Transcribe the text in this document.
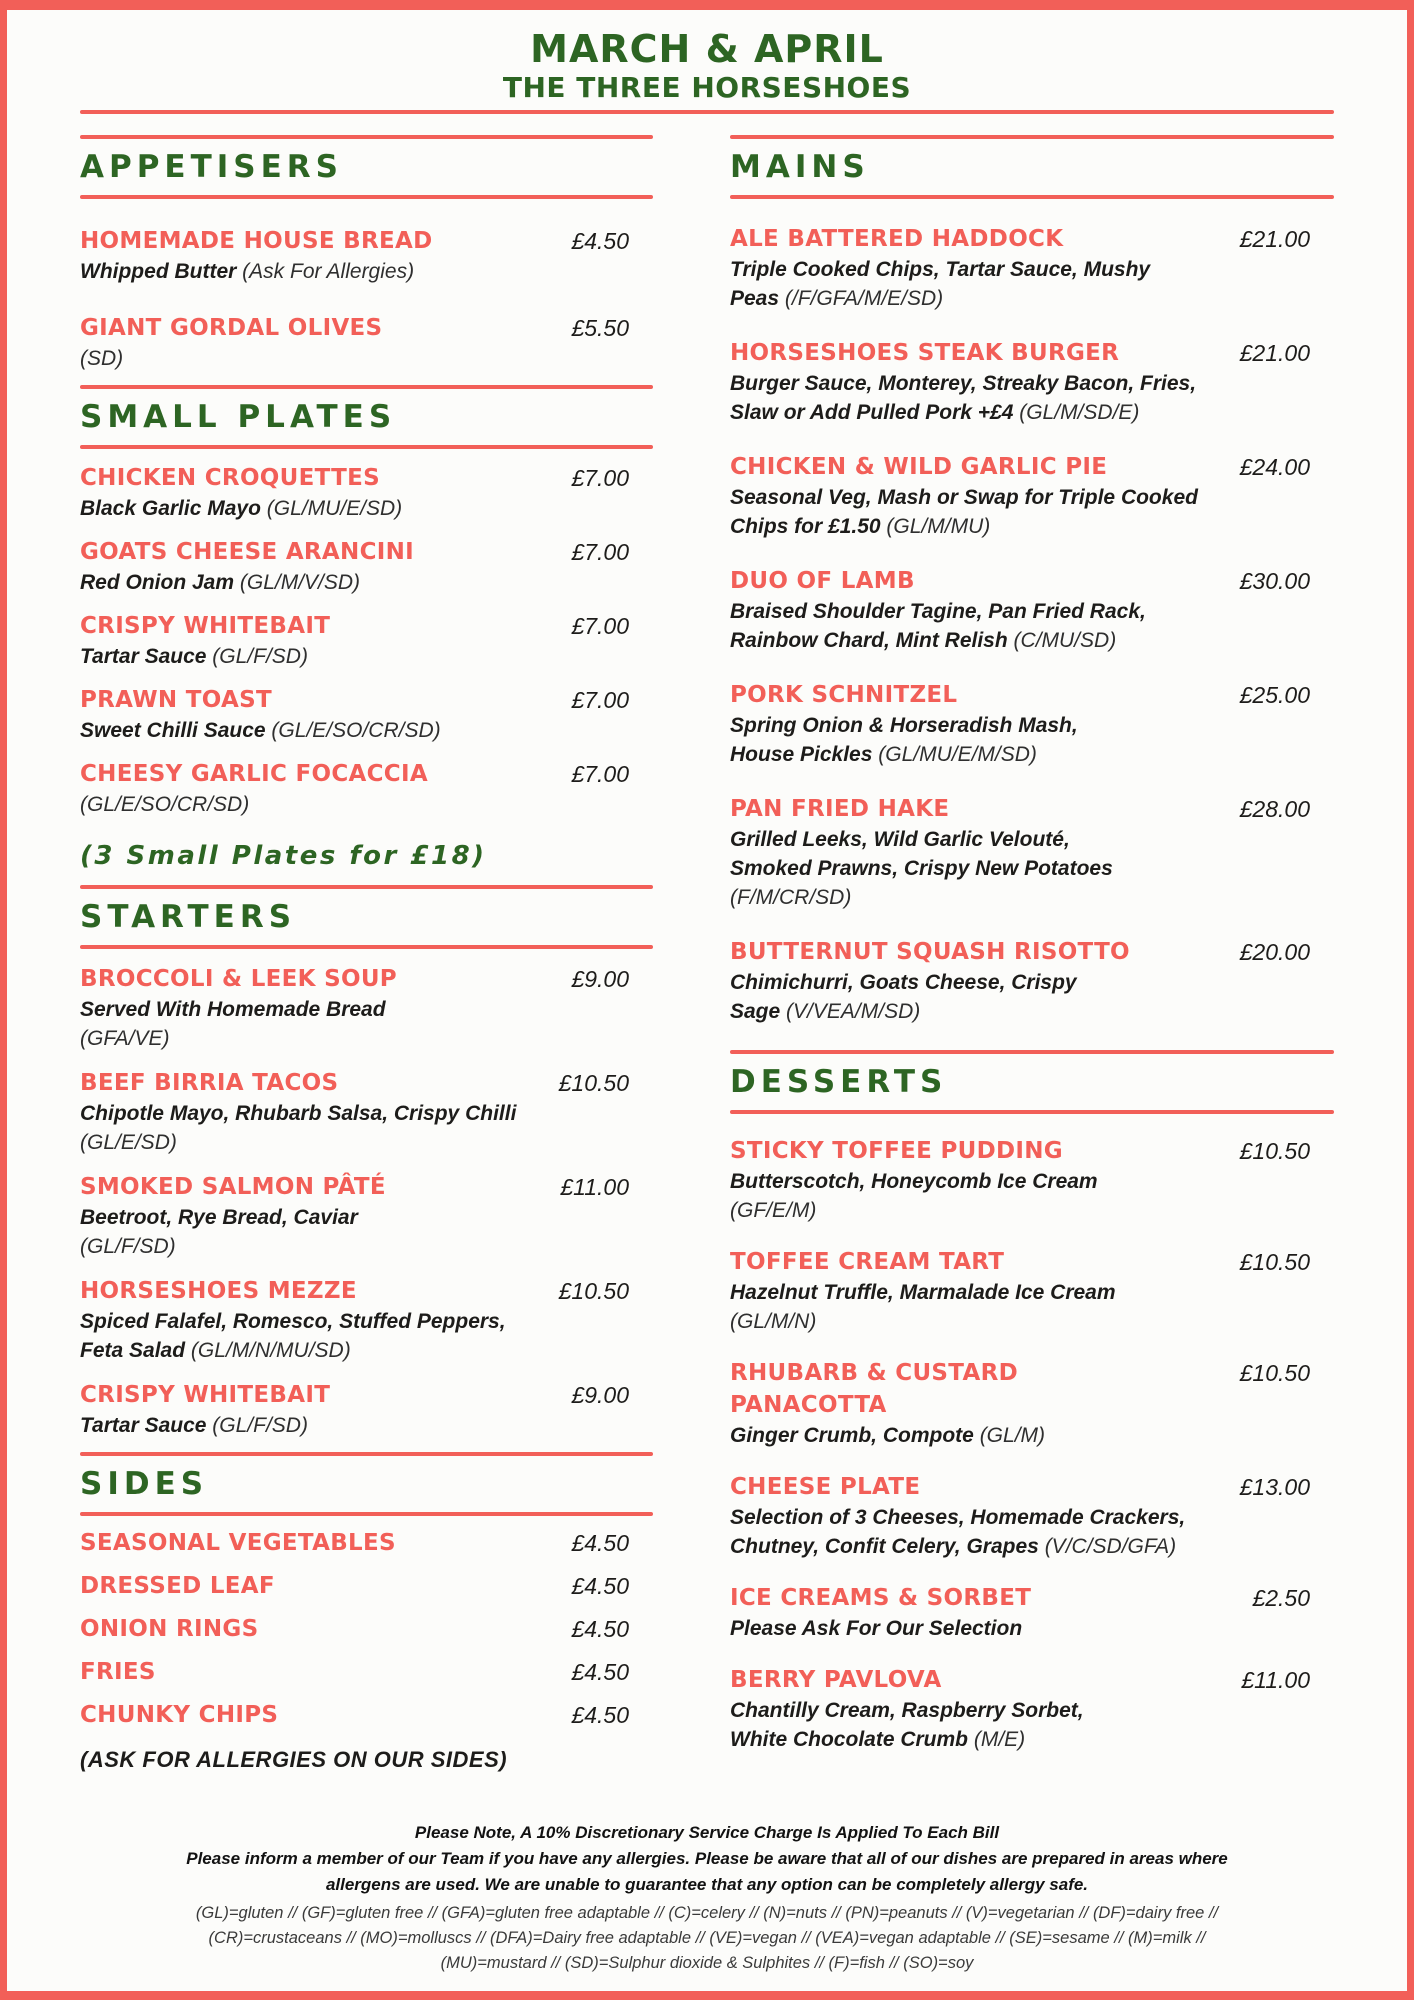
MARCH & APRIL
THE THREE HORSESHOES
APPETISERS
HOMEMADE HOUSE BREAD	£4.50
Whipped Butter (Ask For Allergies)
GIANT GORDAL OLIVES	£5.50
(SD)
SMALL PLATES
CHICKEN CROQUETTES	£7.00
Black Garlic Mayo (GL/MU/E/SD)
GOATS CHEESE ARANCINI	£7.00
Red Onion Jam (GL/M/V/SD)
CRISPY WHITEBAIT	£7.00
Tartar Sauce (GL/F/SD)
PRAWN TOAST	£7.00
Sweet Chilli Sauce (GL/E/SO/CR/SD)
CHEESY GARLIC FOCACCIA	£7.00
(GL/E/SO/CR/SD)
(3 Small Plates for £18)
STARTERS
BROCCOLI & LEEK SOUP	£9.00
Served With Homemade Bread
(GFA/VE)
BEEF BIRRIA TACOS	£10.50
Chipotle Mayo, Rhubarb Salsa, Crispy Chilli
(GL/E/SD)
SMOKED SALMON PÂTÉ	£11.00
Beetroot, Rye Bread, Caviar
(GL/F/SD)
HORSESHOES MEZZE	£10.50
Spiced Falafel, Romesco, Stuffed Peppers,
Feta Salad (GL/M/N/MU/SD)
CRISPY WHITEBAIT	£9.00
Tartar Sauce (GL/F/SD)
SIDES
SEASONAL VEGETABLES	£4.50
DRESSED LEAF	£4.50
ONION RINGS	£4.50
FRIES	£4.50
CHUNKY CHIPS	£4.50
(ASK FOR ALLERGIES ON OUR SIDES)
MAINS
ALE BATTERED HADDOCK	£21.00
Triple Cooked Chips, Tartar Sauce, Mushy
Peas (/F/GFA/M/E/SD)
HORSESHOES STEAK BURGER	£21.00
Burger Sauce, Monterey, Streaky Bacon, Fries,
Slaw or Add Pulled Pork +£4 (GL/M/SD/E)
CHICKEN & WILD GARLIC PIE	£24.00
Seasonal Veg, Mash or Swap for Triple Cooked
Chips for £1.50 (GL/M/MU)
DUO OF LAMB	£30.00
Braised Shoulder Tagine, Pan Fried Rack,
Rainbow Chard, Mint Relish (C/MU/SD)
PORK SCHNITZEL	£25.00
Spring Onion & Horseradish Mash,
House Pickles (GL/MU/E/M/SD)
PAN FRIED HAKE	£28.00
Grilled Leeks, Wild Garlic Velouté,
Smoked Prawns, Crispy New Potatoes
(F/M/CR/SD)
BUTTERNUT SQUASH RISOTTO	£20.00
Chimichurri, Goats Cheese, Crispy
Sage (V/VEA/M/SD)
DESSERTS
STICKY TOFFEE PUDDING	£10.50
Butterscotch, Honeycomb Ice Cream
(GF/E/M)
TOFFEE CREAM TART	£10.50
Hazelnut Truffle, Marmalade Ice Cream
(GL/M/N)
RHUBARB & CUSTARD
PANACOTTA
£10.50
Ginger Crumb, Compote (GL/M)
CHEESE PLATE	£13.00
Selection of 3 Cheeses, Homemade Crackers,
Chutney, Confit Celery, Grapes (V/C/SD/GFA)
ICE CREAMS & SORBET	£2.50
Please Ask For Our Selection
BERRY PAVLOVA	£11.00
Chantilly Cream, Raspberry Sorbet,
White Chocolate Crumb (M/E)
Please Note, A 10% Discretionary Service Charge Is Applied To Each Bill
Please inform a member of our Team if you have any allergies. Please be aware that all of our dishes are prepared in areas where
allergens are used. We are unable to guarantee that any option can be completely allergy safe.
(GL)=gluten // (GF)=gluten free // (GFA)=gluten free adaptable // (C)=celery // (N)=nuts // (PN)=peanuts // (V)=vegetarian // (DF)=dairy free //
(CR)=crustaceans // (MO)=molluscs // (DFA)=Dairy free adaptable // (VE)=vegan // (VEA)=vegan adaptable // (SE)=sesame // (M)=milk //
(MU)=mustard // (SD)=Sulphur dioxide & Sulphites // (F)=fish // (SO)=soy
